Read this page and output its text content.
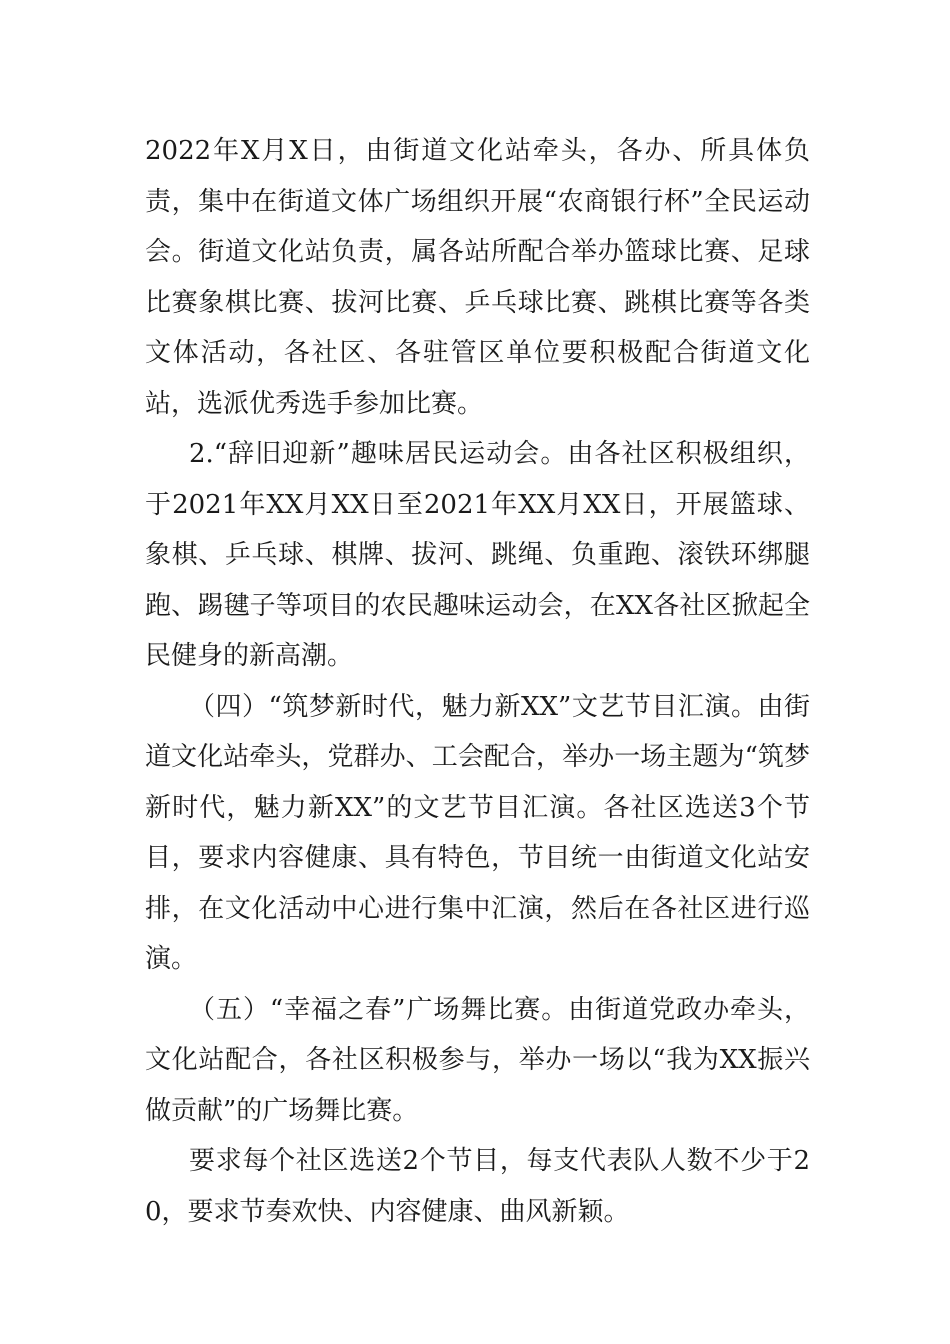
2022年X月X日，由街道文化站牵头，各办、所具体负责，集中在街道文体广场组织开展“农商银行杯”全民运动会。街道文化站负责，属各站所配合举办篮球比赛、足球比赛象棋比赛、拔河比赛、乒乓球比赛、跳棋比赛等各类文体活动，各社区、各驻管区单位要积极配合街道文化站，选派优秀选手参加比赛。

2.“辞旧迎新”趣味居民运动会。由各社区积极组织，于2021年XX月XX日至2021年XX月XX日，开展篮球、象棋、乒乓球、棋牌、拔河、跳绳、负重跑、滚铁环绑腿跑、踢毽子等项目的农民趣味运动会，在XX各社区掀起全民健身的新高潮。

（四）“筑梦新时代，魅力新XX”文艺节目汇演。由街道文化站牵头，党群办、工会配合，举办一场主题为“筑梦新时代，魅力新XX”的文艺节目汇演。各社区选送3个节目，要求内容健康、具有特色，节目统一由街道文化站安排，在文化活动中心进行集中汇演，然后在各社区进行巡演。

（五）“幸福之春”广场舞比赛。由街道党政办牵头，文化站配合，各社区积极参与，举办一场以“我为XX振兴做贡献”的广场舞比赛。

要求每个社区选送2个节目，每支代表队人数不少于20，要求节奏欢快、内容健康、曲风新颖。
